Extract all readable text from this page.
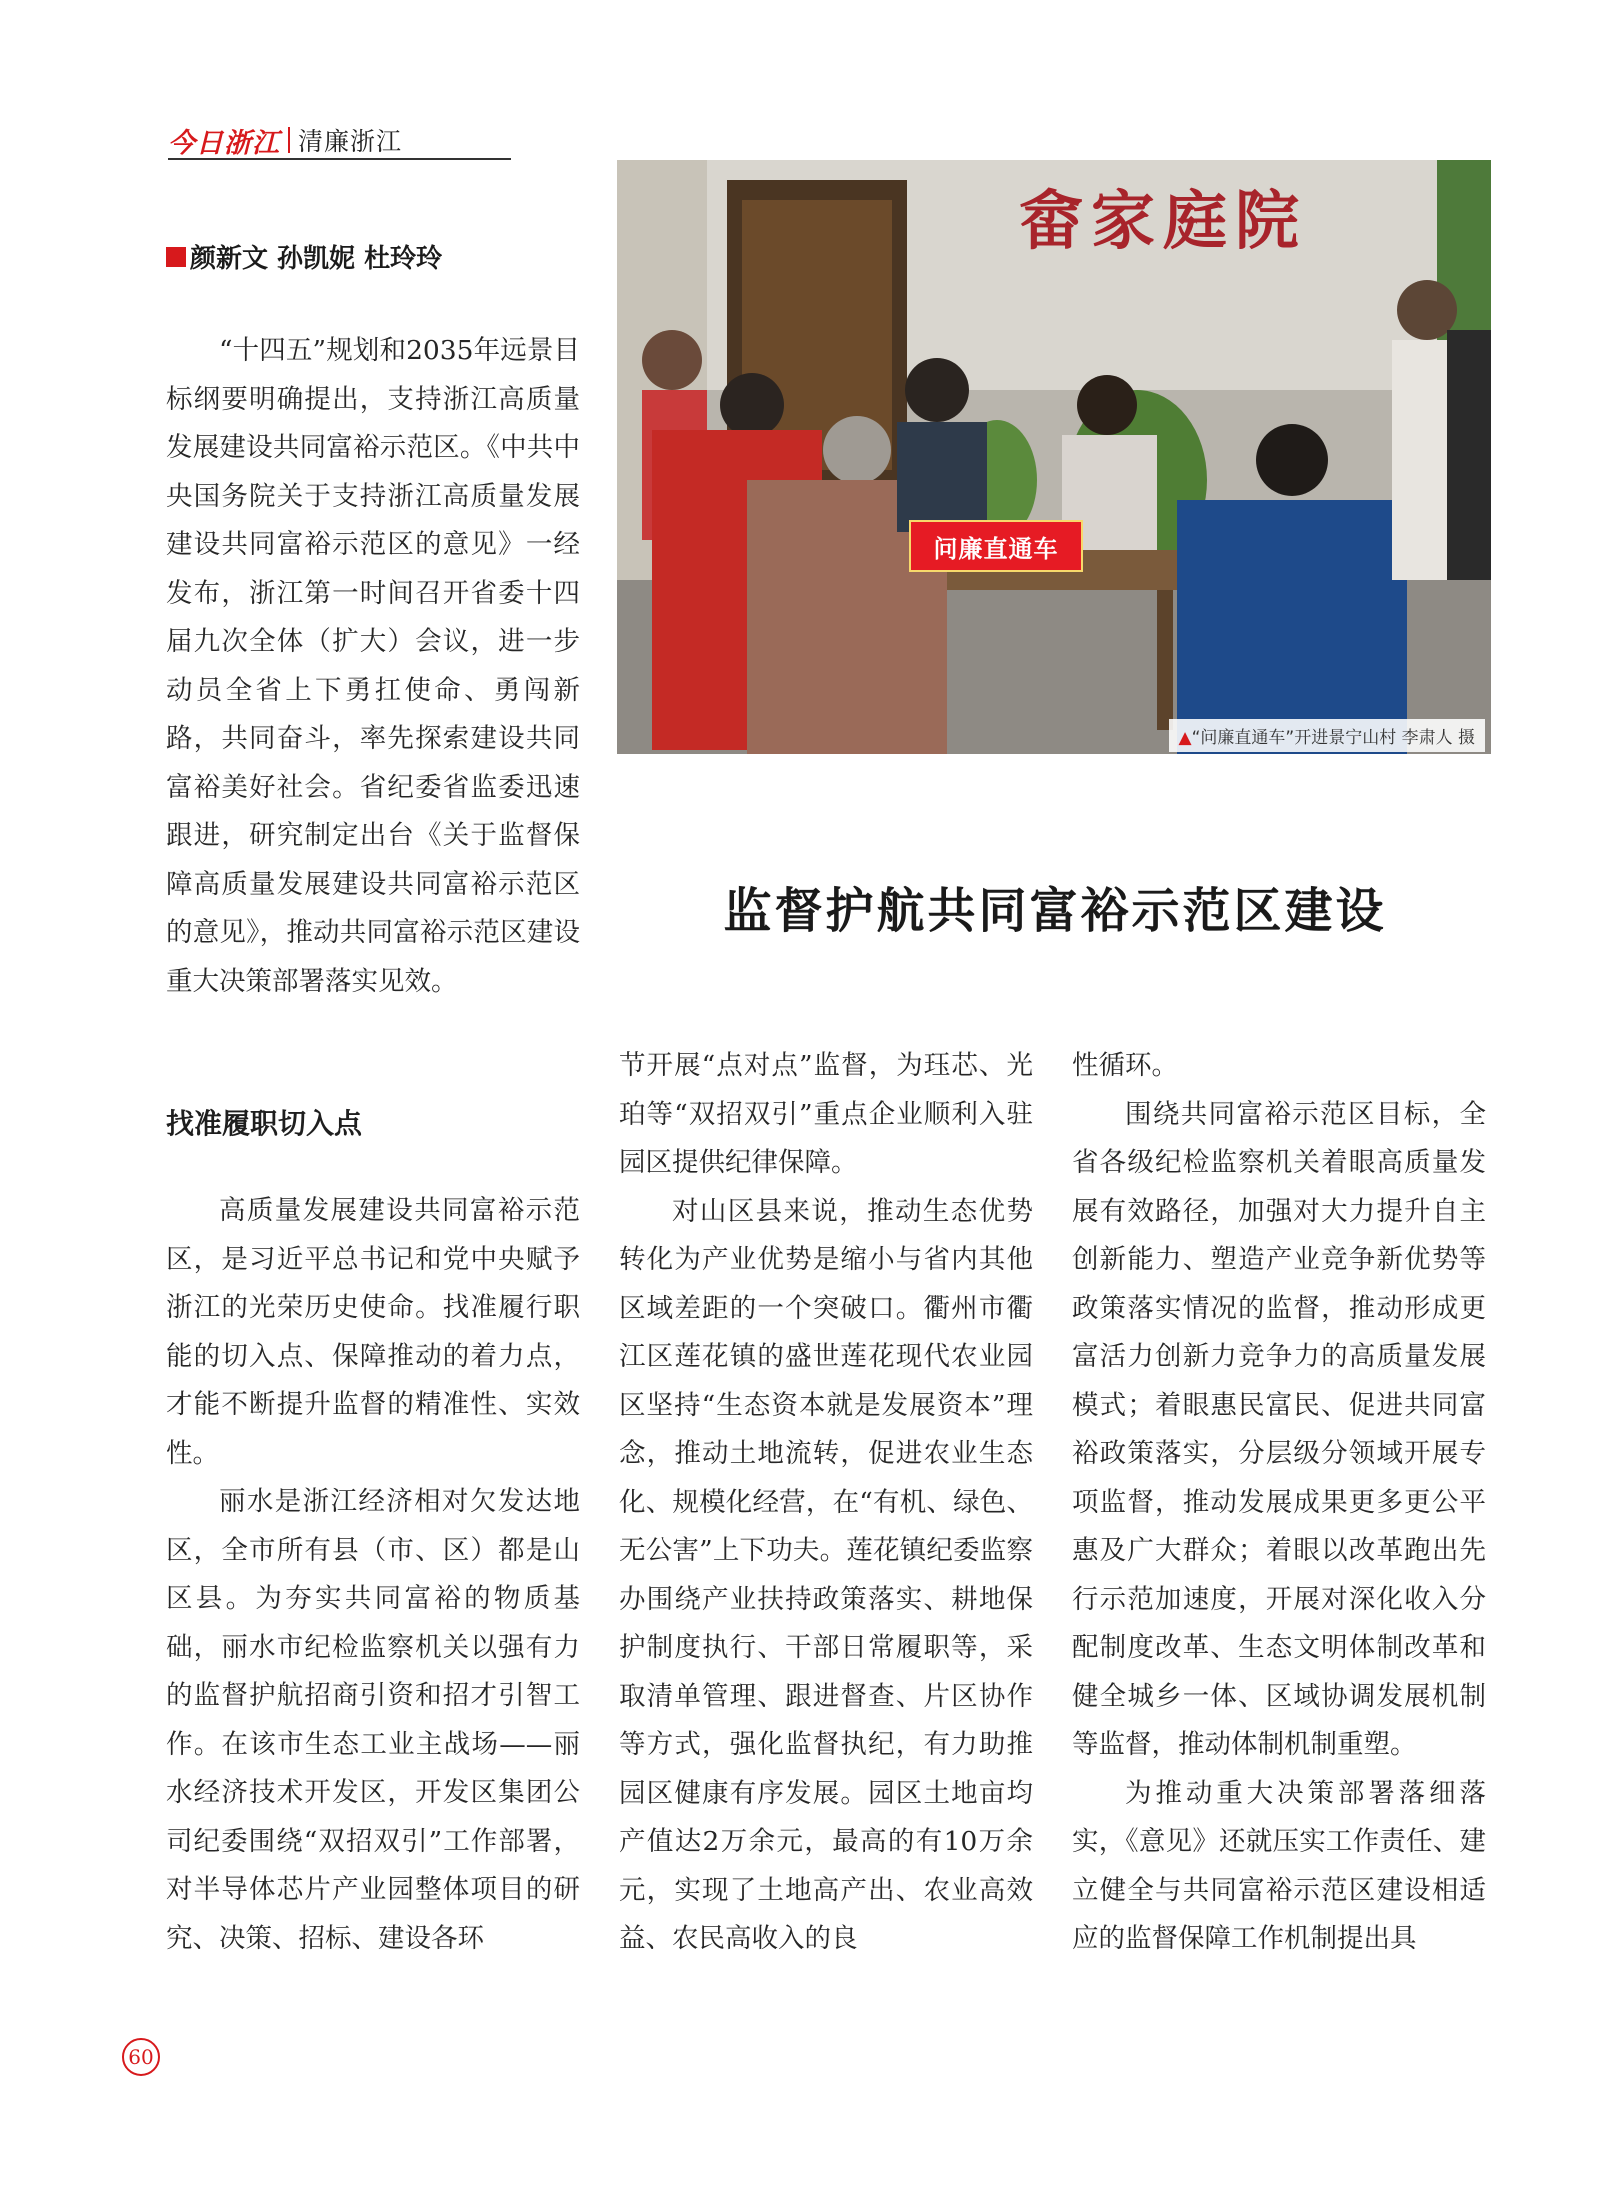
今日浙江 清廉浙江
颜新文 孙凯妮 杜玲玲

“十四五”规划和2035年远景目标纲要明确提出，支持浙江高质量发展建设共同富裕示范区。《中共中央国务院关于支持浙江高质量发展建设共同富裕示范区的意见》一经发布，浙江第一时间召开省委十四届九次全体（扩大）会议，进一步动员全省上下勇扛使命、勇闯新路，共同奋斗，率先探索建设共同富裕美好社会。省纪委省监委迅速跟进，研究制定出台《关于监督保障高质量发展建设共同富裕示范区的意见》，推动共同富裕示范区建设重大决策部署落实见效。

找准履职切入点

高质量发展建设共同富裕示范区，是习近平总书记和党中央赋予浙江的光荣历史使命。找准履行职能的切入点、保障推动的着力点，才能不断提升监督的精准性、实效性。

丽水是浙江经济相对欠发达地区，全市所有县（市、区）都是山区县。为夯实共同富裕的物质基础，丽水市纪检监察机关以强有力的监督护航招商引资和招才引智工作。在该市生态工业主战场——丽水经济技术开发区，开发区集团公司纪委围绕“双招双引”工作部署，对半导体芯片产业园整体项目的研究、决策、招标、建设各环

畲家庭院
问廉直通车
▲“问廉直通车”开进景宁山村 李肃人 摄
监督护航共同富裕示范区建设

节开展“点对点”监督，为珏芯、光珀等“双招双引”重点企业顺利入驻园区提供纪律保障。

对山区县来说，推动生态优势转化为产业优势是缩小与省内其他区域差距的一个突破口。衢州市衢江区莲花镇的盛世莲花现代农业园区坚持“生态资本就是发展资本”理念，推动土地流转，促进农业生态化、规模化经营，在“有机、绿色、无公害”上下功夫。莲花镇纪委监察办围绕产业扶持政策落实、耕地保护制度执行、干部日常履职等，采取清单管理、跟进督查、片区协作等方式，强化监督执纪，有力助推园区健康有序发展。园区土地亩均产值达2万余元，最高的有10万余元，实现了土地高产出、农业高效益、农民高收入的良

性循环。

围绕共同富裕示范区目标，全省各级纪检监察机关着眼高质量发展有效路径，加强对大力提升自主创新能力、塑造产业竞争新优势等政策落实情况的监督，推动形成更富活力创新力竞争力的高质量发展模式；着眼惠民富民、促进共同富裕政策落实，分层级分领域开展专项监督，推动发展成果更多更公平惠及广大群众；着眼以改革跑出先行示范加速度，开展对深化收入分配制度改革、生态文明体制改革和健全城乡一体、区域协调发展机制等监督，推动体制机制重塑。

为推动重大决策部署落细落实，《意见》还就压实工作责任、建立健全与共同富裕示范区建设相适应的监督保障工作机制提出具

60
